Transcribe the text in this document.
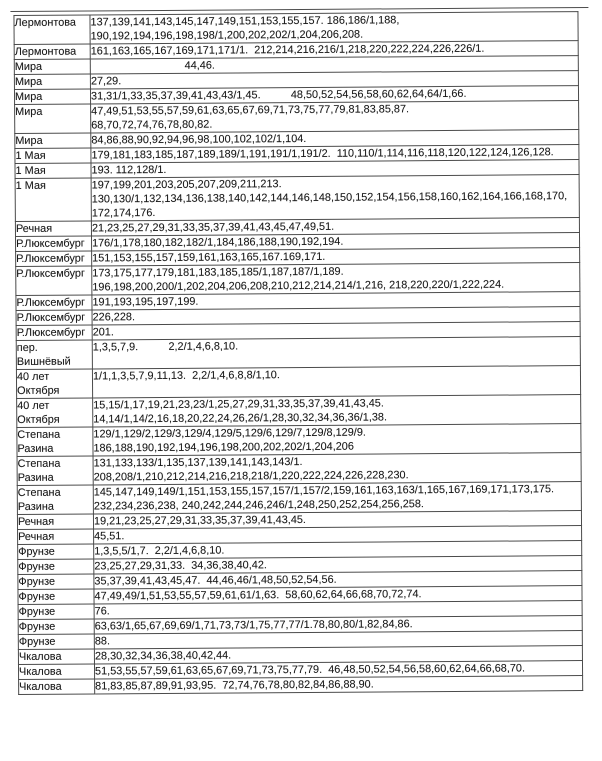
Лермонтова	137,139,141,143,145,147,149,151,153,155,157. 186,186/1,188,
190,192,194,196,198,198/1,200,202,202/1,204,206,208.
Лермонтова	161,163,165,167,169,171,171/1.  212,214,216,216/1,218,220,222,224,226,226/1.
Мира	44,46.
Мира	27,29.
Мира	31,31/1,33,35,37,39,41,43,43/1,45.          48,50,52,54,56,58,60,62,64,64/1,66.
Мира	47,49,51,53,55,57,59,61,63,65,67,69,71,73,75,77,79,81,83,85,87.
68,70,72,74,76,78,80,82.
Мира	84,86,88,90,92,94,96,98,100,102,102/1,104.
1 Мая	179,181,183,185,187,189,189/1,191,191/1,191/2.  110,110/1,114,116,118,120,122,124,126,128.
1 Мая	193. 112,128/1.
1 Мая	197,199,201,203,205,207,209,211,213.
130,130/1,132,134,136,138,140,142,144,146,148,150,152,154,156,158,160,162,164,166,168,170,
172,174,176.
Речная	21,23,25,27,29,31,33,35,37,39,41,43,45,47,49,51.
Р.Люксембург	176/1,178,180,182,182/1,184,186,188,190,192,194.
Р.Люксембург	151,153,155,157,159,161,163,165,167.169,171.
Р.Люксембург	173,175,177,179,181,183,185,185/1,187,187/1,189.
196,198,200,200/1,202,204,206,208,210,212,214,214/1,216, 218,220,220/1,222,224.
Р.Люксембург	191,193,195,197,199.
Р.Люксембург	226,228.
Р.Люксембург	201.
пер. Вишнёвый	1,3,5,7,9.          2,2/1,4,6,8,10.
40 лет Октября	1/1,1,3,5,7,9,11,13.  2,2/1,4,6,8,8/1,10.
40 лет Октября	15,15/1,17,19,21,23,23/1,25,27,29,31,33,35,37,39,41,43,45.
14,14/1,14/2,16,18,20,22,24,26,26/1,28,30,32,34,36,36/1,38.
Степана Разина	129/1,129/2,129/3,129/4,129/5,129/6,129/7,129/8,129/9.
186,188,190,192,194,196,198,200,202,202/1,204,206
Степана Разина	131,133,133/1,135,137,139,141,143,143/1.
208,208/1,210,212,214,216,218,218/1,220,222,224,226,228,230.
Степана Разина	145,147,149,149/1,151,153,155,157,157/1,157/2,159,161,163,163/1,165,167,169,171,173,175.
232,234,236,238, 240,242,244,246,246/1,248,250,252,254,256,258.
Речная	19,21,23,25,27,29,31,33,35,37,39,41,43,45.
Речная	45,51.
Фрунзе	1,3,5,5/1,7.  2,2/1,4,6,8,10.
Фрунзе	23,25,27,29,31,33.  34,36,38,40,42.
Фрунзе	35,37,39,41,43,45,47.  44,46,46/1,48,50,52,54,56.
Фрунзе	47,49,49/1,51,53,55,57,59,61,61/1,63.  58,60,62,64,66,68,70,72,74.
Фрунзе	76.
Фрунзе	63,63/1,65,67,69,69/1,71,73,73/1,75,77,77/1.78,80,80/1,82,84,86.
Фрунзе	88.
Чкалова	28,30,32,34,36,38,40,42,44.
Чкалова	51,53,55,57,59,61,63,65,67,69,71,73,75,77,79.  46,48,50,52,54,56,58,60,62,64,66,68,70.
Чкалова	81,83,85,87,89,91,93,95.  72,74,76,78,80,82,84,86,88,90.
